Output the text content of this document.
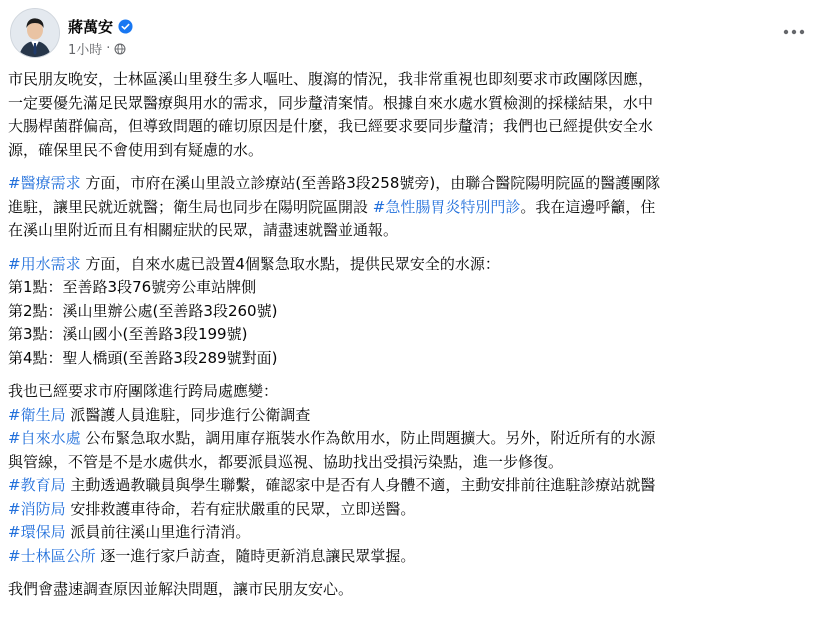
蔣萬安
1小時 ·

市民朋友晚安，士林區溪山里發生多人嘔吐、腹瀉的情況，我非常重視也即刻要求市政團隊因應，
一定要優先滿足民眾醫療與用水的需求，同步釐清案情。根據自來水處水質檢測的採樣結果，水中
大腸桿菌群偏高，但導致問題的確切原因是什麼，我已經要求要同步釐清；我們也已經提供安全水
源，確保里民不會使用到有疑慮的水。

#醫療需求 方面，市府在溪山里設立診療站(至善路3段258號旁)，由聯合醫院陽明院區的醫護團隊
進駐，讓里民就近就醫；衛生局也同步在陽明院區開設 #急性腸胃炎特別門診。我在這邊呼籲，住
在溪山里附近而且有相關症狀的民眾，請盡速就醫並通報。

#用水需求 方面，自來水處已設置4個緊急取水點，提供民眾安全的水源：
第1點：至善路3段76號旁公車站牌側
第2點：溪山里辦公處(至善路3段260號)
第3點：溪山國小(至善路3段199號)
第4點：聖人橋頭(至善路3段289號對面)

我也已經要求市府團隊進行跨局處應變：
#衛生局 派醫護人員進駐，同步進行公衛調查
#自來水處 公布緊急取水點，調用庫存瓶裝水作為飲用水，防止問題擴大。另外，附近所有的水源
與管線，不管是不是水處供水，都要派員巡視、協助找出受損污染點，進一步修復。
#教育局 主動透過教職員與學生聯繫，確認家中是否有人身體不適，主動安排前往進駐診療站就醫
#消防局 安排救護車待命，若有症狀嚴重的民眾，立即送醫。
#環保局 派員前往溪山里進行清消。
#士林區公所 逐一進行家戶訪查，隨時更新消息讓民眾掌握。

我們會盡速調查原因並解決問題，讓市民朋友安心。
